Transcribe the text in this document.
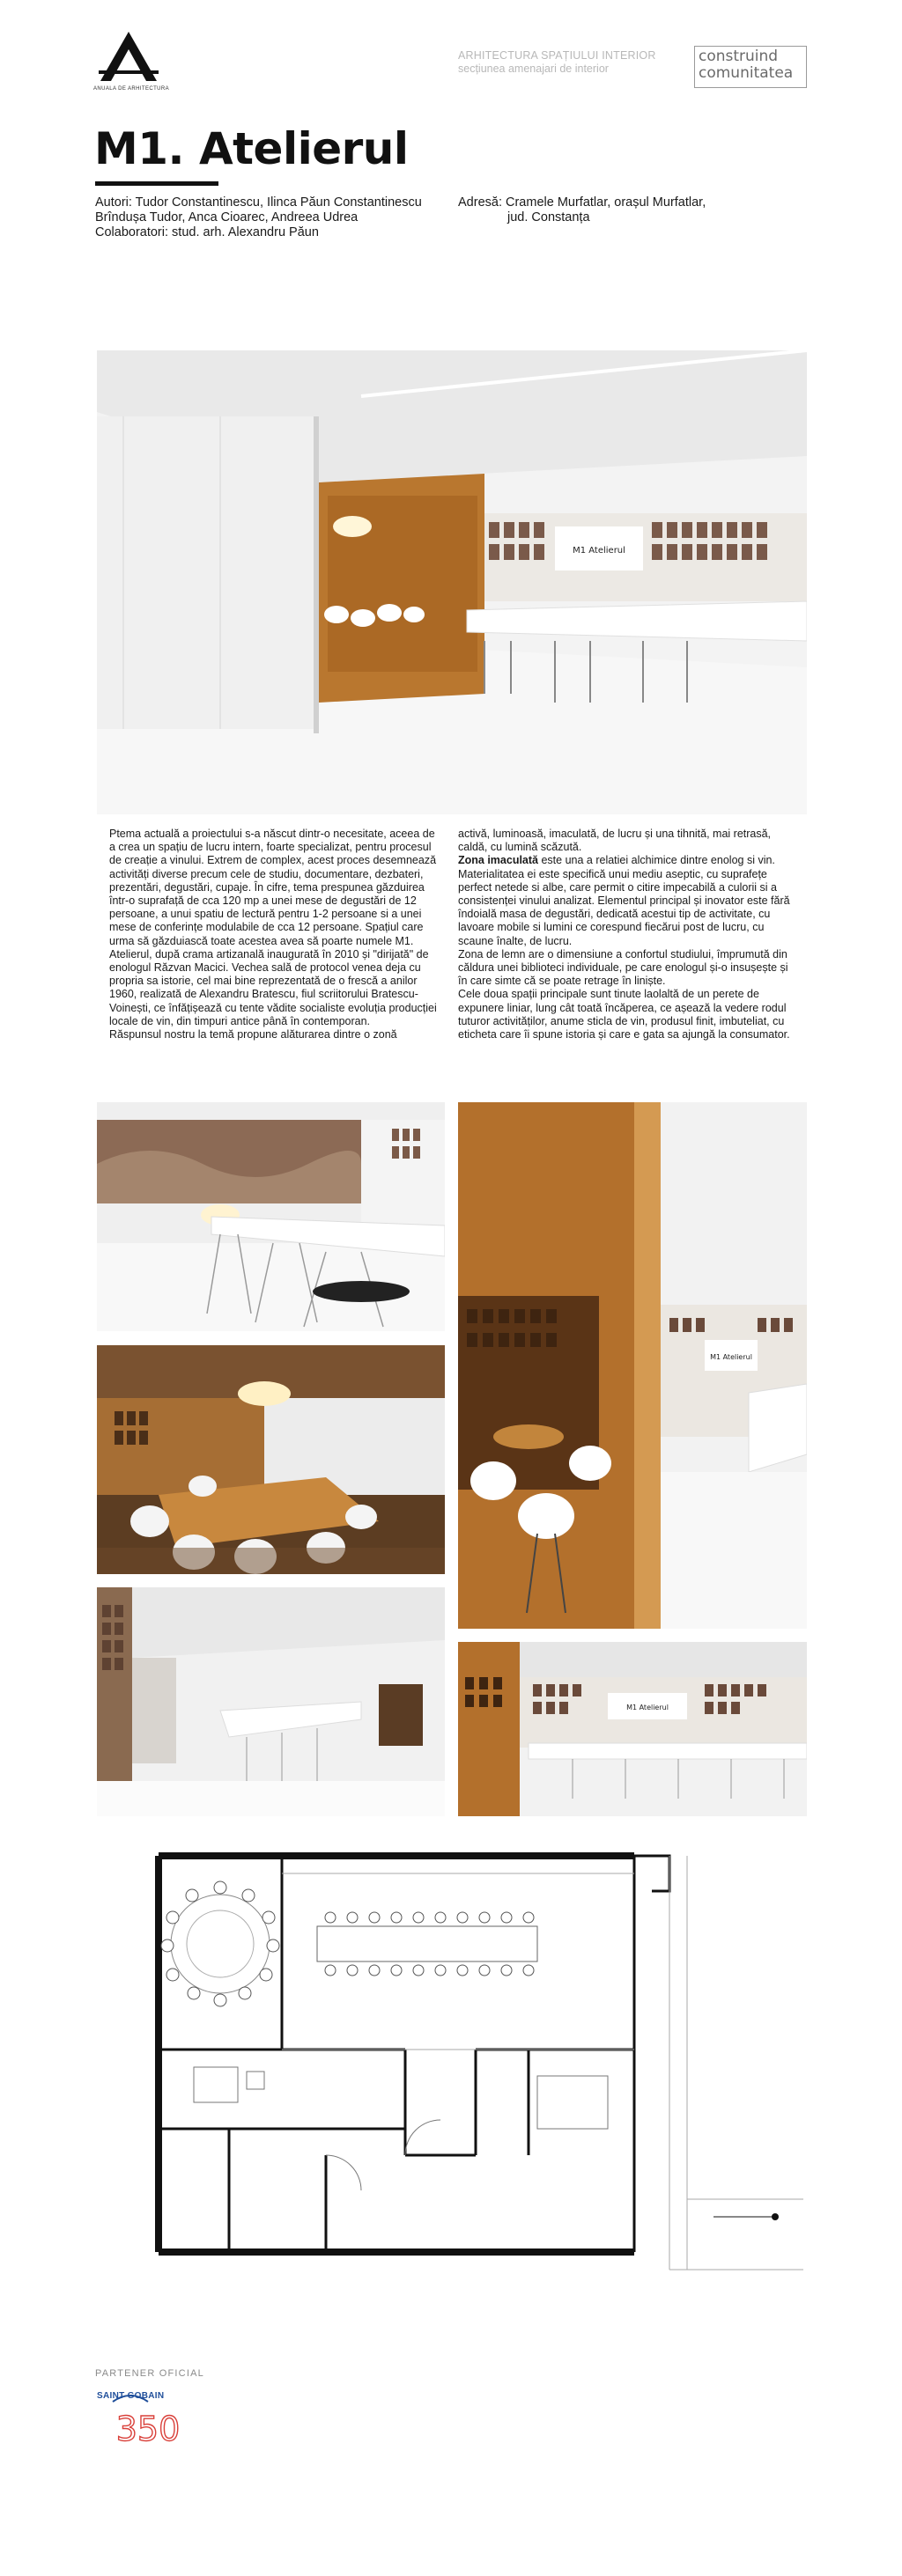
ANUALA DE ARHITECTURA
ARHITECTURA SPAȚIULUI INTERIOR
secțiunea amenajari de interior
construind
comunitatea
M1. Atelierul
Autori: Tudor Constantinescu, Ilinca Păun Constantinescu
Brîndușa Tudor, Anca Cioarec, Andreea Udrea
Colaboratori: stud. arh. Alexandru Păun
Adresă: Cramele Murfatlar, orașul Murfatlar,
jud. Constanța
M1 Atelierul

Ptema actuală a proiectului s-a născut dintr-o necesitate, aceea de a crea un spațiu de lucru intern, foarte specializat, pentru procesul de creație a vinului. Extrem de complex, acest proces desemnează activități diverse precum cele de studiu, documentare, dezbateri, prezentări, degustări, cupaje. În cifre, tema prespunea găzduirea într-o suprafață de cca 120 mp a unei mese de degustări de 12 persoane, a unui spatiu de lectură pentru 1-2 persoane si a unei mese de conferințe modulabile de cca 12 persoane. Spațiul care urma să găzduiască toate acestea avea să poarte numele M1. Atelierul, după crama artizanală inaugurată în 2010 și "dirijată" de enologul Răzvan Macici. Vechea sală de protocol venea deja cu propria sa istorie, cel mai bine reprezentată de o frescă a anilor 1960, realizată de Alexandru Bratescu, fiul scriitorului Bratescu-Voinești, ce înfățișează cu tente vădite socialiste evoluția producției locale de vin, din timpuri antice până în contemporan.

Răspunsul nostru la temă propune alăturarea dintre o zonă

activă, luminoasă, imaculată, de lucru și una tihnită, mai retrasă, caldă, cu lumină scăzută.

Zona imaculată este una a relatiei alchimice dintre enolog si vin. Materialitatea ei este specifică unui mediu aseptic, cu suprafețe perfect netede si albe, care permit o citire impecabilă a culorii si a consistenței vinului analizat. Elementul principal și inovator este fără îndoială masa de degustări, dedicată acestui tip de activitate, cu lavoare mobile si lumini ce corespund fiecărui post de lucru, cu scaune înalte, de lucru.

Zona de lemn are o dimensiune a confortul studiului, împrumută din căldura unei biblioteci individuale, pe care enologul și-o insușește și în care simte că se poate retrage în liniște.

Cele doua spații principale sunt tinute laolaltă de un perete de expunere liniar, lung cât toată încăperea, ce așează la vedere rodul tuturor activităților, anume sticla de vin, produsul finit, imbuteliat, cu eticheta care îi spune istoria și care e gata sa ajungă la consumator.

M1 Atelierul
M1 Atelierul
PARTENER OFICIAL
350
SAINT-GOBAIN
